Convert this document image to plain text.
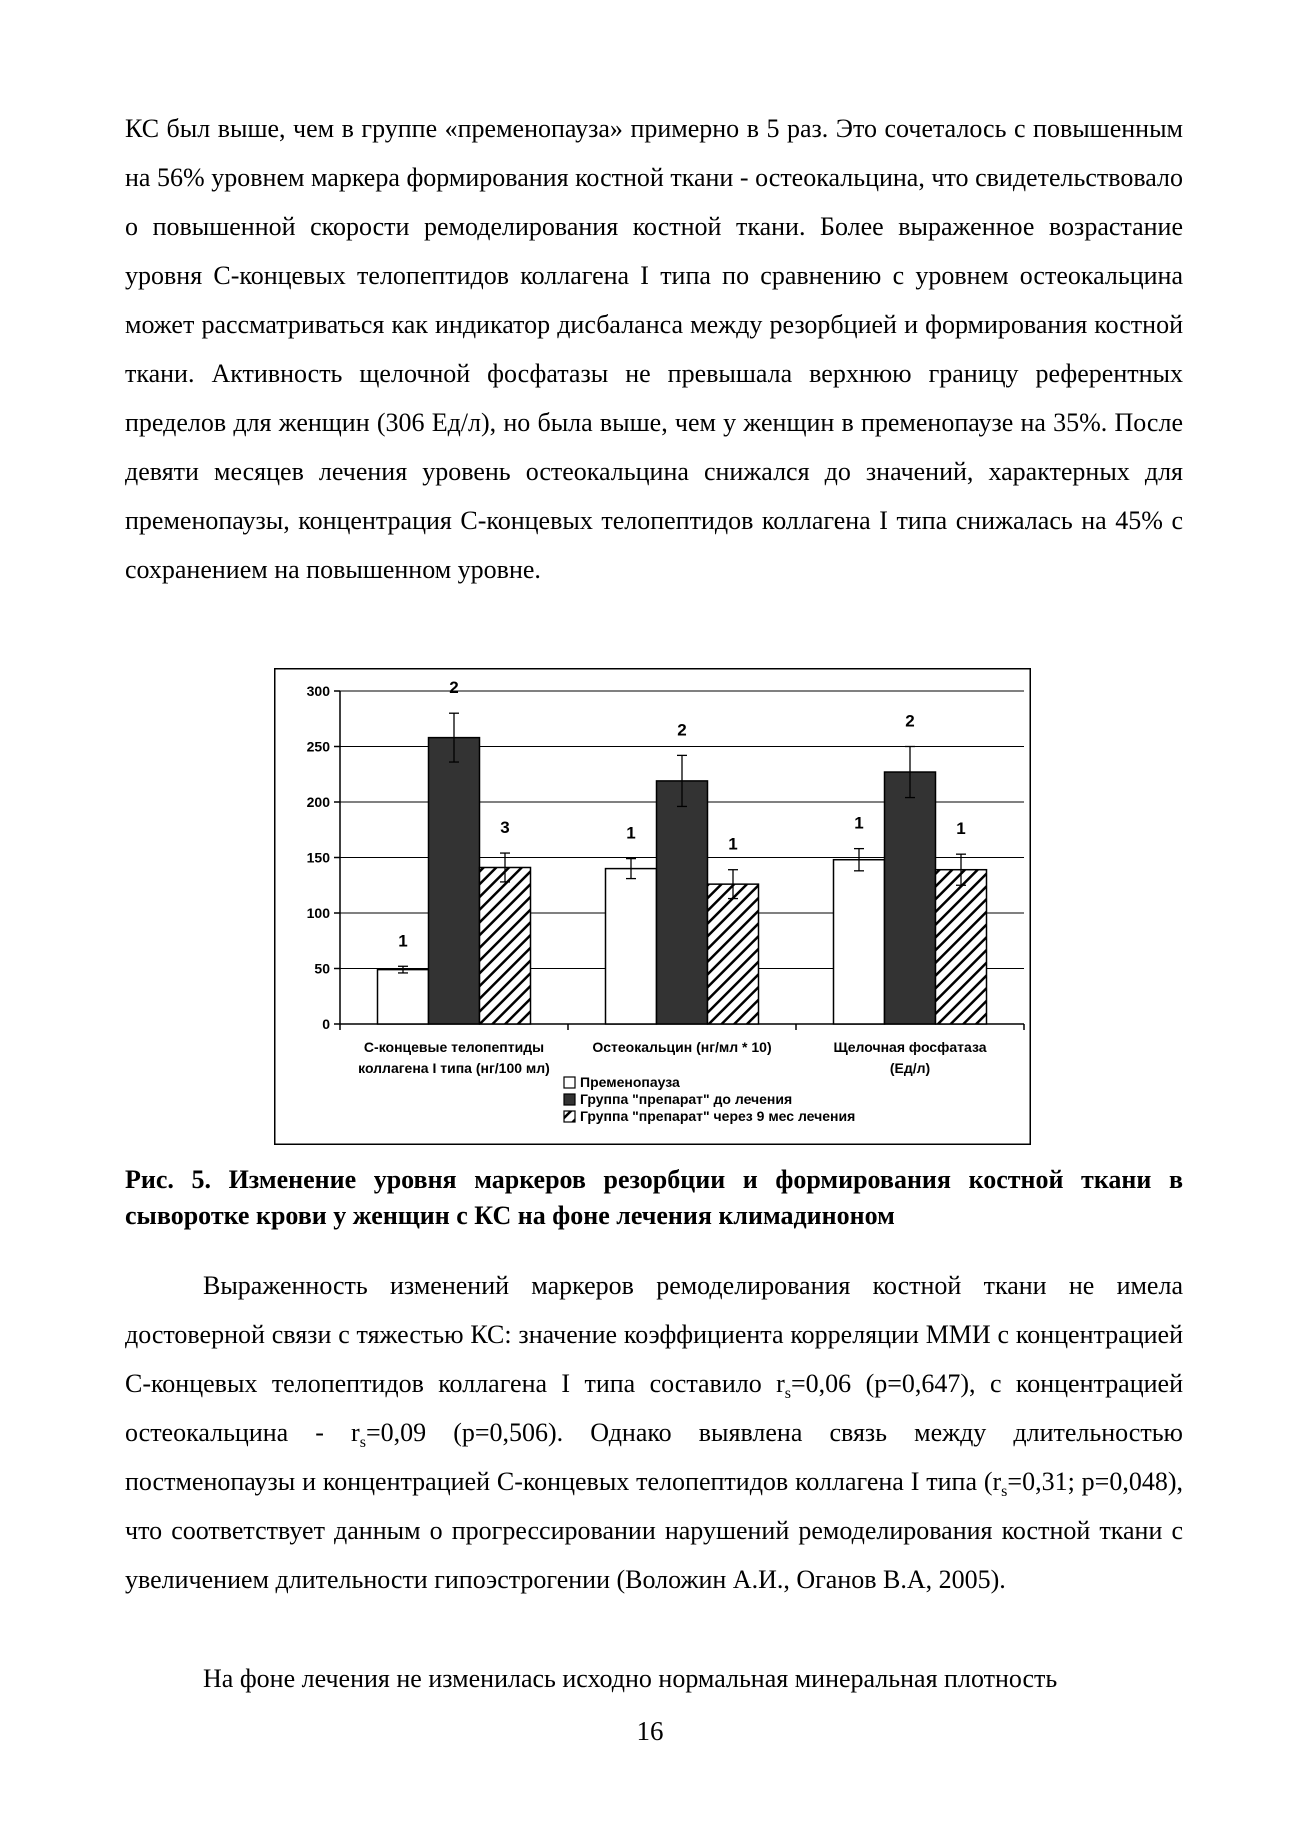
КС был выше, чем в группе «пременопауза» примерно в 5 раз. Это сочеталось с повышенным на 56% уровнем маркера формирования костной ткани - остеокальцина, что свидетельствовало о повышенной скорости ремоделирования костной ткани. Более выраженное возрастание уровня С-концевых телопептидов коллагена I типа по сравнению с уровнем остеокальцина может рассматриваться как индикатор дисбаланса между резорбцией и формирования костной ткани. Активность щелочной фосфатазы не превышала верхнюю границу референтных пределов для женщин (306 Ед/л), но была выше, чем у женщин в пременопаузе на 35%. После девяти месяцев лечения уровень остеокальцина снижался до значений, характерных для пременопаузы, концентрация С-концевых телопептидов коллагена I типа снижалась на 45% с сохранением на повышенном уровне.

0
50
100
150
200
250
300
1
2
3
С-концевые телопептиды
коллагена I типа (нг/100 мл)
1
2
1
Остеокальцин (нг/мл * 10)
1
2
1
Щелочная фосфатаза
(Ед/л)
Пременопауза
Группа "препарат" до лечения
Группа "препарат" через 9 мес лечения

Рис. 5. Изменение уровня маркеров резорбции и формирования костной ткани в сыворотке крови у женщин с КС на фоне лечения климадиноном

Выраженность изменений маркеров ремоделирования костной ткани не имела достоверной связи с тяжестью КС: значение коэффициента корреляции ММИ с концентрацией С-концевых телопептидов коллагена I типа составило $r_s=0,06$ (p=0,647), с концентрацией остеокальцина - $r_s=0,09$ (p=0,506). Однако выявлена связь между длительностью постменопаузы и концентрацией С-концевых телопептидов коллагена I типа ($r_s=0,31$; p=0,048), что соответствует данным о прогрессировании нарушений ремоделирования костной ткани с увеличением длительности гипоэстрогении (Воложин А.И., Оганов В.А, 2005).

На фоне лечения не изменилась исходно нормальная минеральная плотность

16
